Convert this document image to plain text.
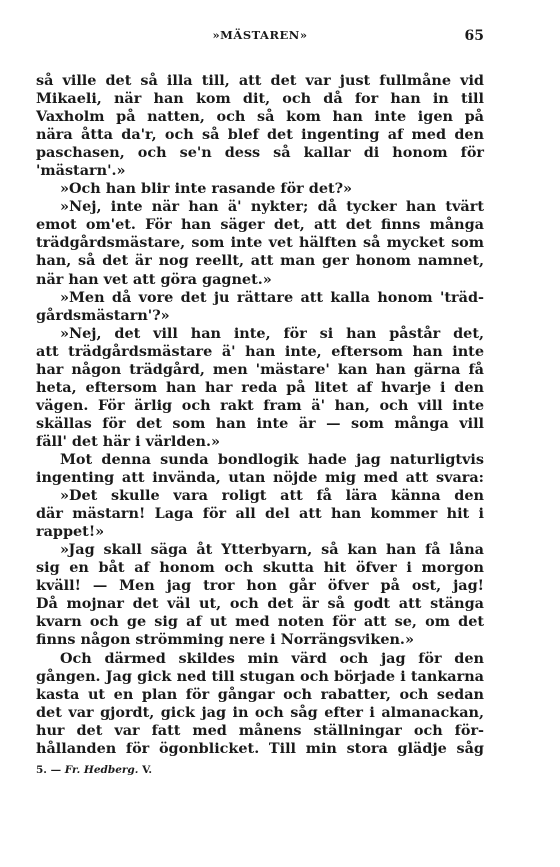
»MÄSTAREN»	65
så ville det så illa till, att det var just fullmåne vid
Mikaeli, när han kom dit, och då for han in till
Vaxholm på natten, och så kom han inte igen på
nära åtta da'r, och så blef det ingenting af med den
paschasen, och se'n dess så kallar di honom för
'mästarn'.»
»Och han blir inte rasande för det?»
»Nej, inte när han ä' nykter; då tycker han tvärt
emot om'et. För han säger det, att det finns många
trädgårdsmästare, som inte vet hälften så mycket som
han, så det är nog reellt, att man ger honom namnet,
när han vet att göra gagnet.»
»Men då vore det ju rättare att kalla honom 'träd-
gårdsmästarn'?»
»Nej, det vill han inte, för si han påstår det,
att trädgårdsmästare ä' han inte, eftersom han inte
har någon trädgård, men 'mästare' kan han gärna få
heta, eftersom han har reda på litet af hvarje i den
vägen. För ärlig och rakt fram ä' han, och vill inte
skällas för det som han inte är — som många vill
fäll' det här i världen.»
Mot denna sunda bondlogik hade jag naturligtvis
ingenting att invända, utan nöjde mig med att svara:
»Det skulle vara roligt att få lära känna den
där mästarn! Laga för all del att han kommer hit i
rappet!»
»Jag skall säga åt Ytterbyarn, så kan han få låna
sig en båt af honom och skutta hit öfver i morgon
kväll! — Men jag tror hon går öfver på ost, jag!
Då mojnar det väl ut, och det är så godt att stänga
kvarn och ge sig af ut med noten för att se, om det
finns någon strömming nere i Norrängsviken.»
Och därmed skildes min värd och jag för den
gången. Jag gick ned till stugan och började i tankarna
kasta ut en plan för gångar och rabatter, och sedan
det var gjordt, gick jag in och såg efter i almanackan,
hur det var fatt med månens ställningar och för-
hållanden för ögonblicket. Till min stora glädje såg
5. — Fr. Hedberg. V.
